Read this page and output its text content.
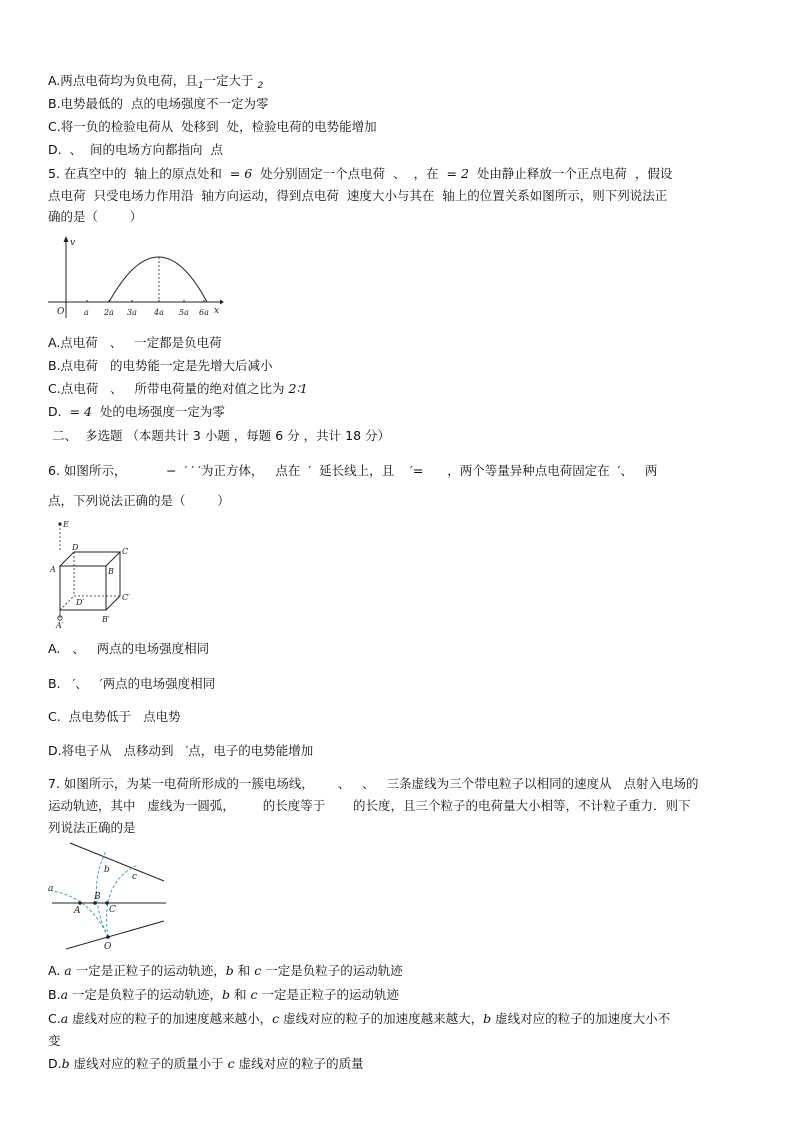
A.两点电荷均为负电荷，且$_1$一定大于 $_2$
B.电势最低的  点的电场强度不一定为零
C.将一负的检验电荷从  处移到  处，检验电荷的电势能增加
D.  、  间的电场方向都指向  点
5. 在真空中的  轴上的原点处和 = 6 处分别固定一个点电荷  、  ，在 = 2 处由静止释放一个正点电荷  ，假设
点电荷  只受电场力作用沿  轴方向运动，得到点电荷  速度大小与其在  轴上的位置关系如图所示，则下列说法正
确的是（        ）
v
O	x
a 2a 3a 4a 5a 6a
A.点电荷   、   一定都是负电荷
B.点电荷   的电势能一定是先增大后减小
C.点电荷   、   所带电荷量的绝对值之比为 2∶1
D. = 4 处的电场强度一定为零
二、  多选题 （本题共计 3 小题 ，每题 6 分 ，共计 18 分）
6. 如图所示，          −  ′ ′ ′为正方体，   点在  ′  延长线上，且    ′=      ，两个等量异种点电荷固定在  ′、   两
点，下列说法正确的是（        ）
E
D	C
A	B
D′
C′
A′
B′
A.   、   两点的电场强度相同
B.   ′、   ′两点的电场强度相同
C.  点电势低于   点电势
D.将电子从   点移动到   ′点，电子的电势能增加
7. 如图所示，为某一电荷所形成的一簇电场线，      、   、   三条虚线为三个带电粒子以相同的速度从   点射入电场的
运动轨迹，其中   虚线为一圆弧，       的长度等于       的长度，且三个粒子的电荷量大小相等，不计粒子重力．则下
列说法正确的是
a
b
c
A
B
C
O
A. a 一定是正粒子的运动轨迹，b 和 c 一定是负粒子的运动轨迹
B.a 一定是负粒子的运动轨迹，b 和 c 一定是正粒子的运动轨迹
C.a 虚线对应的粒子的加速度越来越小，c 虚线对应的粒子的加速度越来越大，b 虚线对应的粒子的加速度大小不
变
D.b 虚线对应的粒子的质量小于 c 虚线对应的粒子的质量
